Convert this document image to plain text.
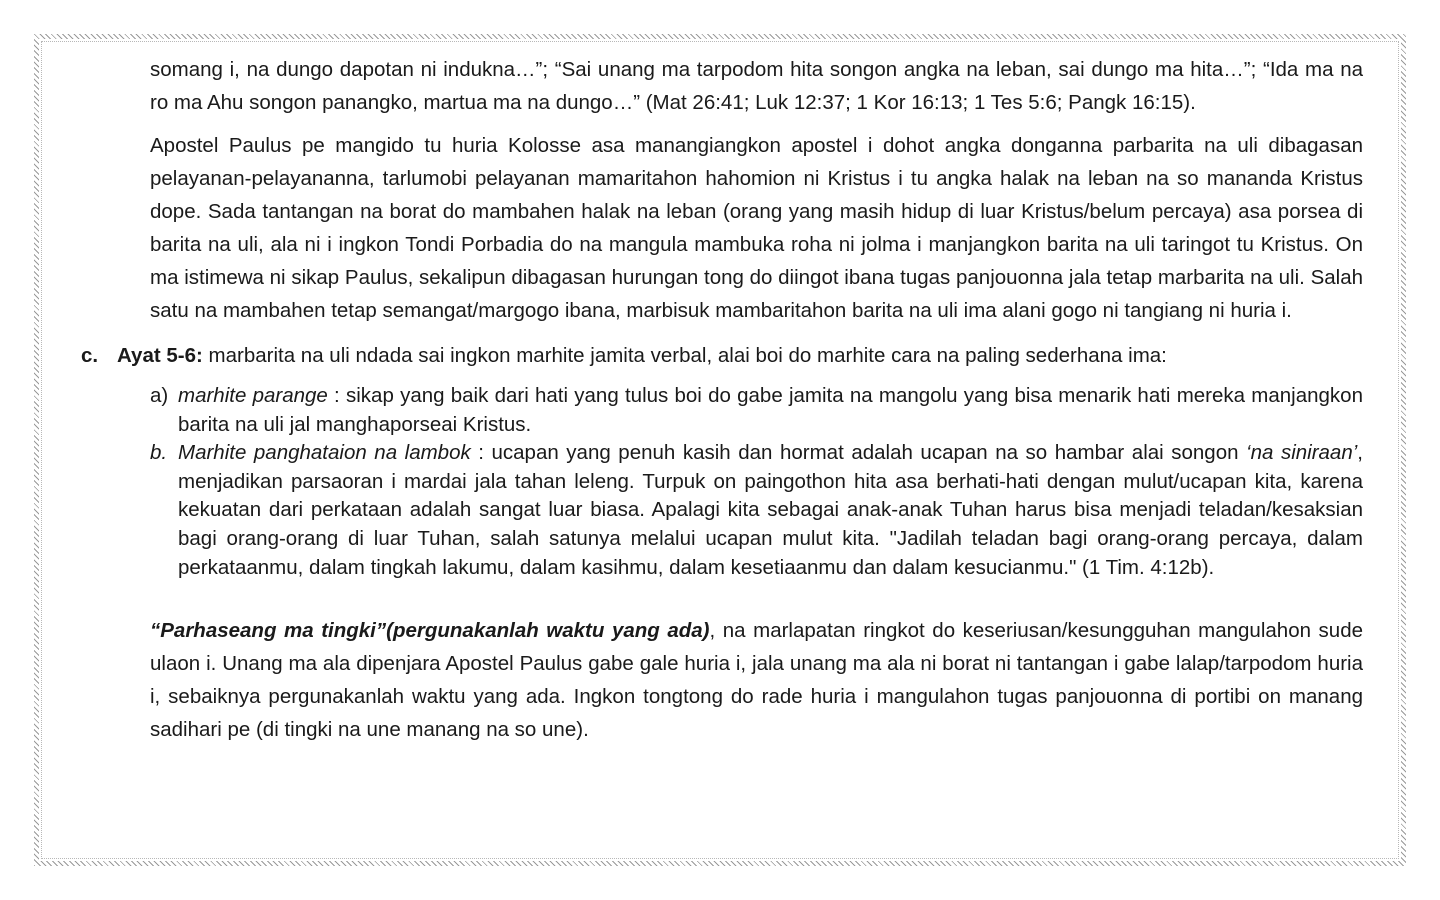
somang i, na dungo dapotan ni indukna…”; “Sai unang ma tarpodom hita songon angka na leban, sai dungo ma hita…”; “Ida ma na ro ma Ahu songon panangko, martua ma na dungo…” (Mat 26:41; Luk 12:37; 1 Kor 16:13; 1 Tes 5:6; Pangk 16:15).

Apostel Paulus pe mangido tu huria Kolosse asa manangiangkon apostel i dohot angka donganna parbarita na uli dibagasan pelayanan-pelayananna, tarlumobi pelayanan mamaritahon hahomion ni Kristus i tu angka halak na leban na so mananda Kristus dope. Sada tantangan na borat do mambahen halak na leban (orang yang masih hidup di luar Kristus/belum percaya) asa porsea di barita na uli, ala ni i ingkon Tondi Porbadia do na mangula mambuka roha ni jolma i manjangkon barita na uli taringot tu Kristus. On ma istimewa ni sikap Paulus, sekalipun dibagasan hurungan tong do diingot ibana tugas panjouonna jala tetap marbarita na uli. Salah satu na mambahen tetap semangat/margogo ibana, marbisuk mambaritahon barita na uli ima alani gogo ni tangiang ni huria i.

c. Ayat 5-6: marbarita na uli ndada sai ingkon marhite jamita verbal, alai boi do marhite cara na paling sederhana ima:

a) marhite parange : sikap yang baik dari hati yang tulus boi do gabe jamita na mangolu yang bisa menarik hati mereka manjangkon barita na uli jal manghaporseai Kristus.

b. Marhite panghataion na lambok : ucapan yang penuh kasih dan hormat adalah ucapan na so hambar alai songon ‘na siniraan’, menjadikan parsaoran i mardai jala tahan leleng. Turpuk on paingothon hita asa berhati-hati dengan mulut/ucapan kita, karena kekuatan dari perkataan adalah sangat luar biasa. Apalagi kita sebagai anak-anak Tuhan harus bisa menjadi teladan/kesaksian bagi orang-orang di luar Tuhan, salah satunya melalui ucapan mulut kita. "Jadilah teladan bagi orang-orang percaya, dalam perkataanmu, dalam tingkah lakumu, dalam kasihmu, dalam kesetiaanmu dan dalam kesucianmu." (1 Tim. 4:12b).

“Parhaseang ma tingki”(pergunakanlah waktu yang ada), na marlapatan ringkot do keseriusan/kesungguhan mangulahon sude ulaon i. Unang ma ala dipenjara Apostel Paulus gabe gale huria i, jala unang ma ala ni borat ni tantangan i gabe lalap/tarpodom huria i, sebaiknya pergunakanlah waktu yang ada. Ingkon tongtong do rade huria i mangulahon tugas panjouonna di portibi on manang sadihari pe (di tingki na une manang na so une).
